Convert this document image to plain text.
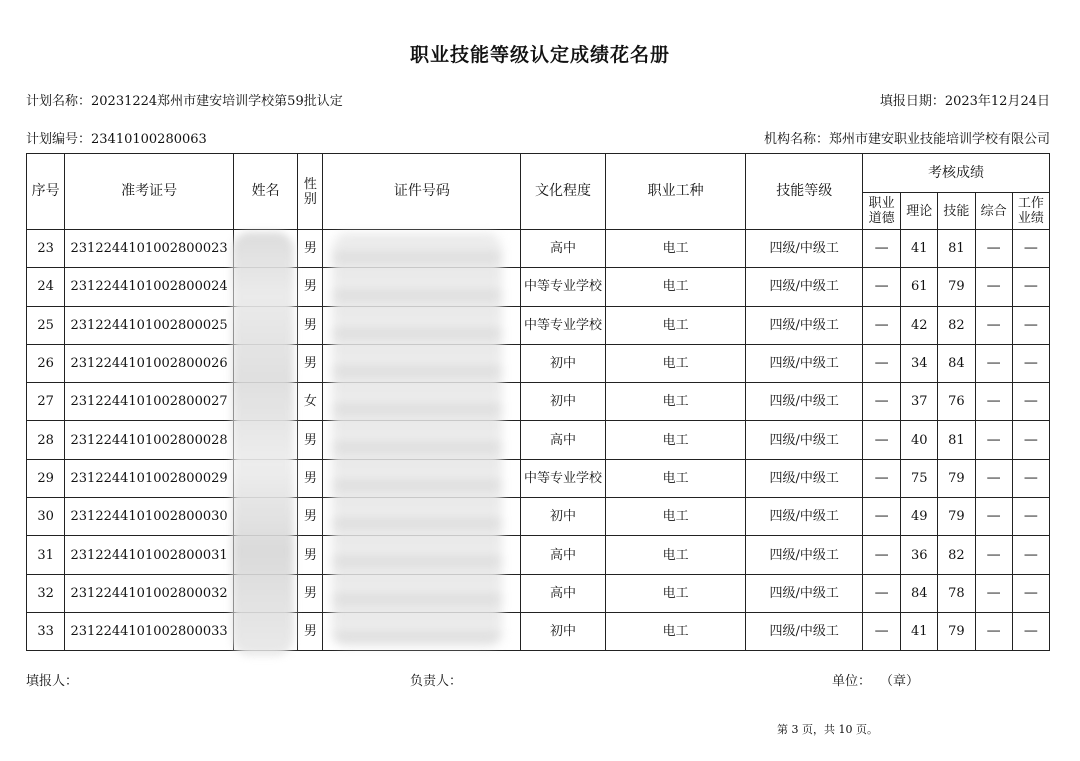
职业技能等级认定成绩花名册
计划名称：20231224郑州市建安培训学校第59批认定	填报日期：2023年12月24日
计划编号：23410100280063	机构名称：郑州市建安职业技能培训学校有限公司
序号	准考证号	姓名	性别	证件号码	文化程度	职业工种	技能等级	考核成绩				
								职业道德	理论	技能	综合	工作业绩
23	2312244101002800023		男		高中	电工	四级/中级工	—	41	81	—	—
24	2312244101002800024		男		中等专业学校	电工	四级/中级工	—	61	79	—	—
25	2312244101002800025		男		中等专业学校	电工	四级/中级工	—	42	82	—	—
26	2312244101002800026		男		初中	电工	四级/中级工	—	34	84	—	—
27	2312244101002800027		女		初中	电工	四级/中级工	—	37	76	—	—
28	2312244101002800028		男		高中	电工	四级/中级工	—	40	81	—	—
29	2312244101002800029		男		中等专业学校	电工	四级/中级工	—	75	79	—	—
30	2312244101002800030		男		初中	电工	四级/中级工	—	49	79	—	—
31	2312244101002800031		男		高中	电工	四级/中级工	—	36	82	—	—
32	2312244101002800032		男		高中	电工	四级/中级工	—	84	78	—	—
33	2312244101002800033		男		初中	电工	四级/中级工	—	41	79	—	—
填报人：	负责人：	单位： （章）
第 3 页，共 10 页。
